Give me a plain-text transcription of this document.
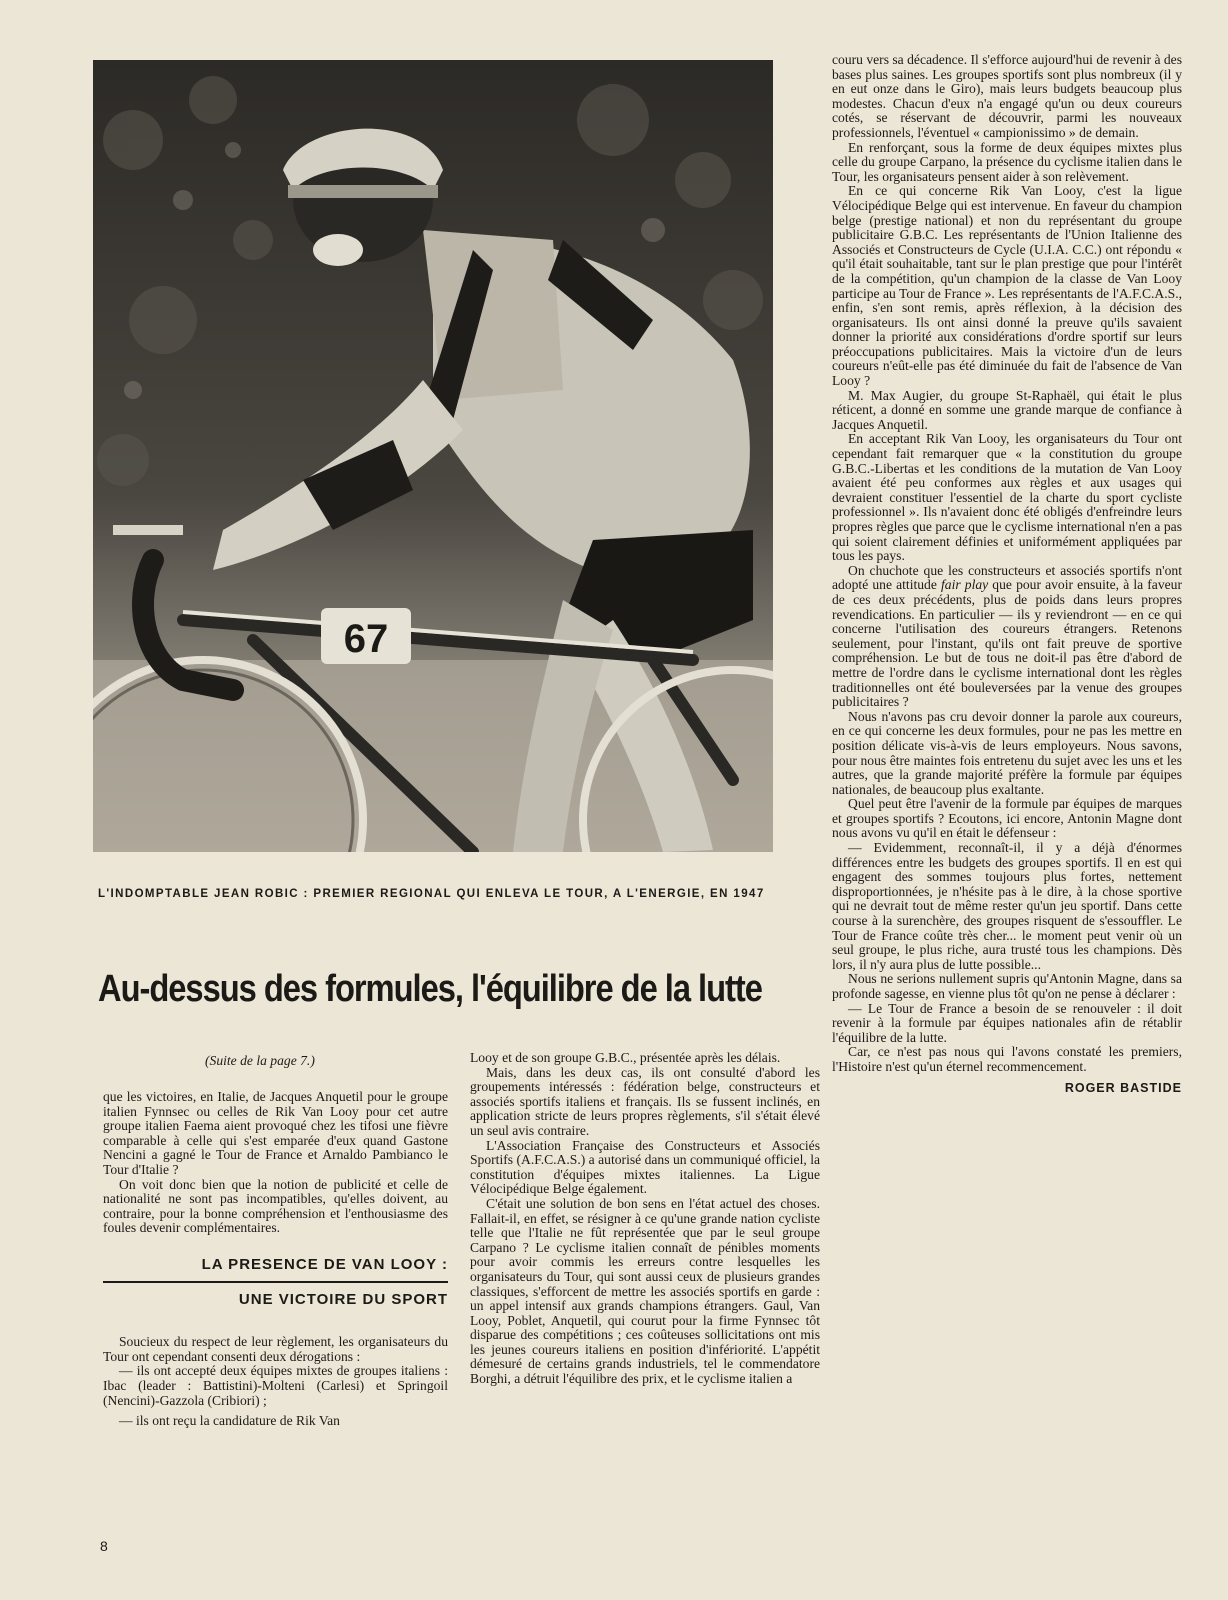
67
L'INDOMPTABLE JEAN ROBIC : PREMIER REGIONAL QUI ENLEVA LE TOUR, A L'ENERGIE, EN 1947
Au-dessus des formules, l'équilibre de la lutte
(Suite de la page 7.)

que les victoires, en Italie, de Jacques Anquetil pour le groupe italien Fynnsec ou celles de Rik Van Looy pour cet autre groupe italien Faema aient provoqué chez les tifosi une fièvre comparable à celle qui s'est emparée d'eux quand Gastone Nencini a gagné le Tour de France et Arnaldo Pambianco le Tour d'Italie ?

On voit donc bien que la notion de publicité et celle de nationalité ne sont pas incompatibles, qu'elles doivent, au contraire, pour la bonne compréhension et l'enthousiasme des foules devenir complémentaires.

LA PRESENCE DE VAN LOOY :
UNE VICTOIRE DU SPORT

Soucieux du respect de leur règlement, les organisateurs du Tour ont cependant consenti deux dérogations :

— ils ont accepté deux équipes mixtes de groupes italiens : Ibac (leader : Battistini)-Molteni (Carlesi) et Springoil (Nencini)-Gazzola (Cribiori) ;

— ils ont reçu la candidature de Rik Van

Looy et de son groupe G.B.C., présentée après les délais.

Mais, dans les deux cas, ils ont consulté d'abord les groupements intéressés : fédération belge, constructeurs et associés sportifs italiens et français. Ils se fussent inclinés, en application stricte de leurs propres règlements, s'il s'était élevé un seul avis contraire.

L'Association Française des Constructeurs et Associés Sportifs (A.F.C.A.S.) a autorisé dans un communiqué officiel, la constitution d'équipes mixtes italiennes. La Ligue Vélocipédique Belge également.

C'était une solution de bon sens en l'état actuel des choses. Fallait-il, en effet, se résigner à ce qu'une grande nation cycliste telle que l'Italie ne fût représentée que par le seul groupe Carpano ? Le cyclisme italien connaît de pénibles moments pour avoir commis les erreurs contre lesquelles les organisateurs du Tour, qui sont aussi ceux de plusieurs grandes classiques, s'efforcent de mettre les associés sportifs en garde : un appel intensif aux grands champions étrangers. Gaul, Van Looy, Poblet, Anquetil, qui courut pour la firme Fynnsec tôt disparue des compétitions ; ces coûteuses sollicitations ont mis les jeunes coureurs italiens en position d'infériorité. L'appétit démesuré de certains grands industriels, tel le commendatore Borghi, a détruit l'équilibre des prix, et le cyclisme italien a

couru vers sa décadence. Il s'efforce aujourd'hui de revenir à des bases plus saines. Les groupes sportifs sont plus nombreux (il y en eut onze dans le Giro), mais leurs budgets beaucoup plus modestes. Chacun d'eux n'a engagé qu'un ou deux coureurs cotés, se réservant de découvrir, parmi les nouveaux professionnels, l'éventuel « campionissimo » de demain.

En renforçant, sous la forme de deux équipes mixtes plus celle du groupe Carpano, la présence du cyclisme italien dans le Tour, les organisateurs pensent aider à son relèvement.

En ce qui concerne Rik Van Looy, c'est la ligue Vélocipédique Belge qui est intervenue. En faveur du champion belge (prestige national) et non du représentant du groupe publicitaire G.B.C. Les représentants de l'Union Italienne des Associés et Constructeurs de Cycle (U.I.A. C.C.) ont répondu « qu'il était souhaitable, tant sur le plan prestige que pour l'intérêt de la compétition, qu'un champion de la classe de Van Looy participe au Tour de France ». Les représentants de l'A.F.C.A.S., enfin, s'en sont remis, après réflexion, à la décision des organisateurs. Ils ont ainsi donné la preuve qu'ils savaient donner la priorité aux considérations d'ordre sportif sur leurs préoccupations publicitaires. Mais la victoire d'un de leurs coureurs n'eût-elle pas été diminuée du fait de l'absence de Van Looy ?

M. Max Augier, du groupe St-Raphaël, qui était le plus réticent, a donné en somme une grande marque de confiance à Jacques Anquetil.

En acceptant Rik Van Looy, les organisateurs du Tour ont cependant fait remarquer que « la constitution du groupe G.B.C.-Libertas et les conditions de la mutation de Van Looy avaient été peu conformes aux règles et aux usages qui devraient constituer l'essentiel de la charte du sport cycliste professionnel ». Ils n'avaient donc été obligés d'enfreindre leurs propres règles que parce que le cyclisme international n'en a pas qui soient clairement définies et uniformément appliquées par tous les pays.

On chuchote que les constructeurs et associés sportifs n'ont adopté une attitude fair play que pour avoir ensuite, à la faveur de ces deux précédents, plus de poids dans leurs propres revendications. En particulier — ils y reviendront — en ce qui concerne l'utilisation des coureurs étrangers. Retenons seulement, pour l'instant, qu'ils ont fait preuve de sportive compréhension. Le but de tous ne doit-il pas être d'abord de mettre de l'ordre dans le cyclisme international dont les règles traditionnelles ont été bouleversées par la venue des groupes publicitaires ?

Nous n'avons pas cru devoir donner la parole aux coureurs, en ce qui concerne les deux formules, pour ne pas les mettre en position délicate vis-à-vis de leurs employeurs. Nous savons, pour nous être maintes fois entretenu du sujet avec les uns et les autres, que la grande majorité préfère la formule par équipes nationales, de beaucoup plus exaltante.

Quel peut être l'avenir de la formule par équipes de marques et groupes sportifs ? Ecoutons, ici encore, Antonin Magne dont nous avons vu qu'il en était le défenseur :

— Evidemment, reconnaît-il, il y a déjà d'énormes différences entre les budgets des groupes sportifs. Il en est qui engagent des sommes toujours plus fortes, nettement disproportionnées, je n'hésite pas à le dire, à la chose sportive qui ne devrait tout de même rester qu'un jeu sportif. Dans cette course à la surenchère, des groupes risquent de s'essouffler. Le Tour de France coûte très cher... le moment peut venir où un seul groupe, le plus riche, aura trusté tous les champions. Dès lors, il n'y aura plus de lutte possible...

Nous ne serions nullement supris qu'Antonin Magne, dans sa profonde sagesse, en vienne plus tôt qu'on ne pense à déclarer :

— Le Tour de France a besoin de se renouveler : il doit revenir à la formule par équipes nationales afin de rétablir l'équilibre de la lutte.

Car, ce n'est pas nous qui l'avons constaté les premiers, l'Histoire n'est qu'un éternel recommencement.

ROGER BASTIDE
8
